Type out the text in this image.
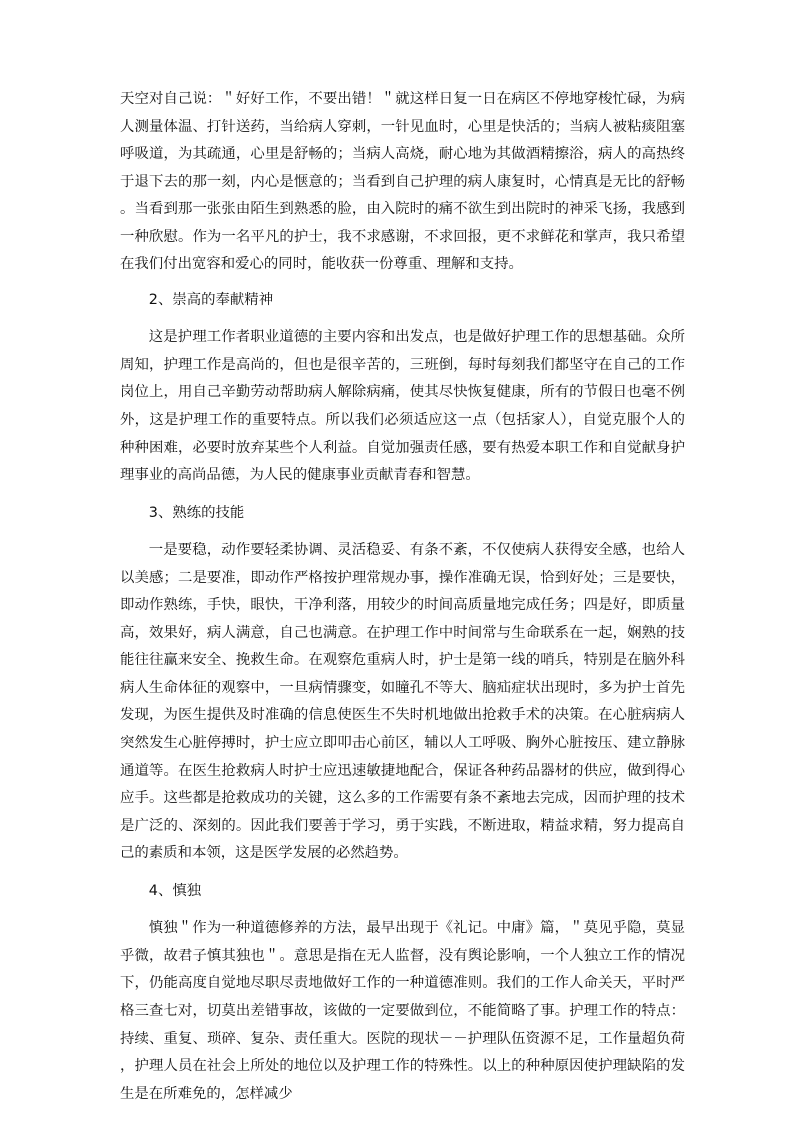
天空对自己说：＂好好工作，不要出错！＂就这样日复一日在病区不停地穿梭忙碌，为病人测量体温、打针送药，当给病人穿刺，一针见血时，心里是快活的；当病人被粘痰阻塞呼吸道，为其疏通，心里是舒畅的；当病人高烧，耐心地为其做酒精擦浴，病人的高热终于退下去的那一刻，内心是惬意的；当看到自己护理的病人康复时，心情真是无比的舒畅。当看到那一张张由陌生到熟悉的脸，由入院时的痛不欲生到出院时的神采飞扬，我感到一种欣慰。作为一名平凡的护士，我不求感谢，不求回报，更不求鲜花和掌声，我只希望在我们付出宽容和爱心的同时，能收获一份尊重、理解和支持。

2、崇高的奉献精神

这是护理工作者职业道德的主要内容和出发点，也是做好护理工作的思想基础。众所周知，护理工作是高尚的，但也是很辛苦的，三班倒，每时每刻我们都坚守在自己的工作岗位上，用自己辛勤劳动帮助病人解除病痛，使其尽快恢复健康，所有的节假日也毫不例外，这是护理工作的重要特点。所以我们必须适应这一点（包括家人），自觉克服个人的种种困难，必要时放弃某些个人利益。自觉加强责任感，要有热爱本职工作和自觉献身护理事业的高尚品德，为人民的健康事业贡献青春和智慧。

3、熟练的技能

一是要稳，动作要轻柔协调、灵活稳妥、有条不紊，不仅使病人获得安全感，也给人以美感；二是要准，即动作严格按护理常规办事，操作准确无误，恰到好处；三是要快，即动作熟练，手快，眼快，干净利落，用较少的时间高质量地完成任务；四是好，即质量高，效果好，病人满意，自己也满意。在护理工作中时间常与生命联系在一起，娴熟的技能往往赢来安全、挽救生命。在观察危重病人时，护士是第一线的哨兵，特别是在脑外科病人生命体征的观察中，一旦病情骤变，如瞳孔不等大、脑疝症状出现时，多为护士首先发现，为医生提供及时准确的信息使医生不失时机地做出抢救手术的决策。在心脏病病人突然发生心脏停搏时，护士应立即叩击心前区，辅以人工呼吸、胸外心脏按压、建立静脉通道等。在医生抢救病人时护士应迅速敏捷地配合，保证各种药品器材的供应，做到得心应手。这些都是抢救成功的关键，这么多的工作需要有条不紊地去完成，因而护理的技术是广泛的、深刻的。因此我们要善于学习，勇于实践，不断进取，精益求精，努力提高自己的素质和本领，这是医学发展的必然趋势。

4、慎独

慎独＂作为一种道德修养的方法，最早出现于《礼记。中庸》篇，＂莫见乎隐，莫显乎微，故君子慎其独也＂。意思是指在无人监督，没有舆论影响，一个人独立工作的情况下，仍能高度自觉地尽职尽责地做好工作的一种道德准则。我们的工作人命关天，平时严格三查七对，切莫出差错事故，该做的一定要做到位，不能简略了事。护理工作的特点：持续、重复、琐碎、复杂、责任重大。医院的现状－－护理队伍资源不足，工作量超负荷，护理人员在社会上所处的地位以及护理工作的特殊性。以上的种种原因使护理缺陷的发生是在所难免的，怎样减少
